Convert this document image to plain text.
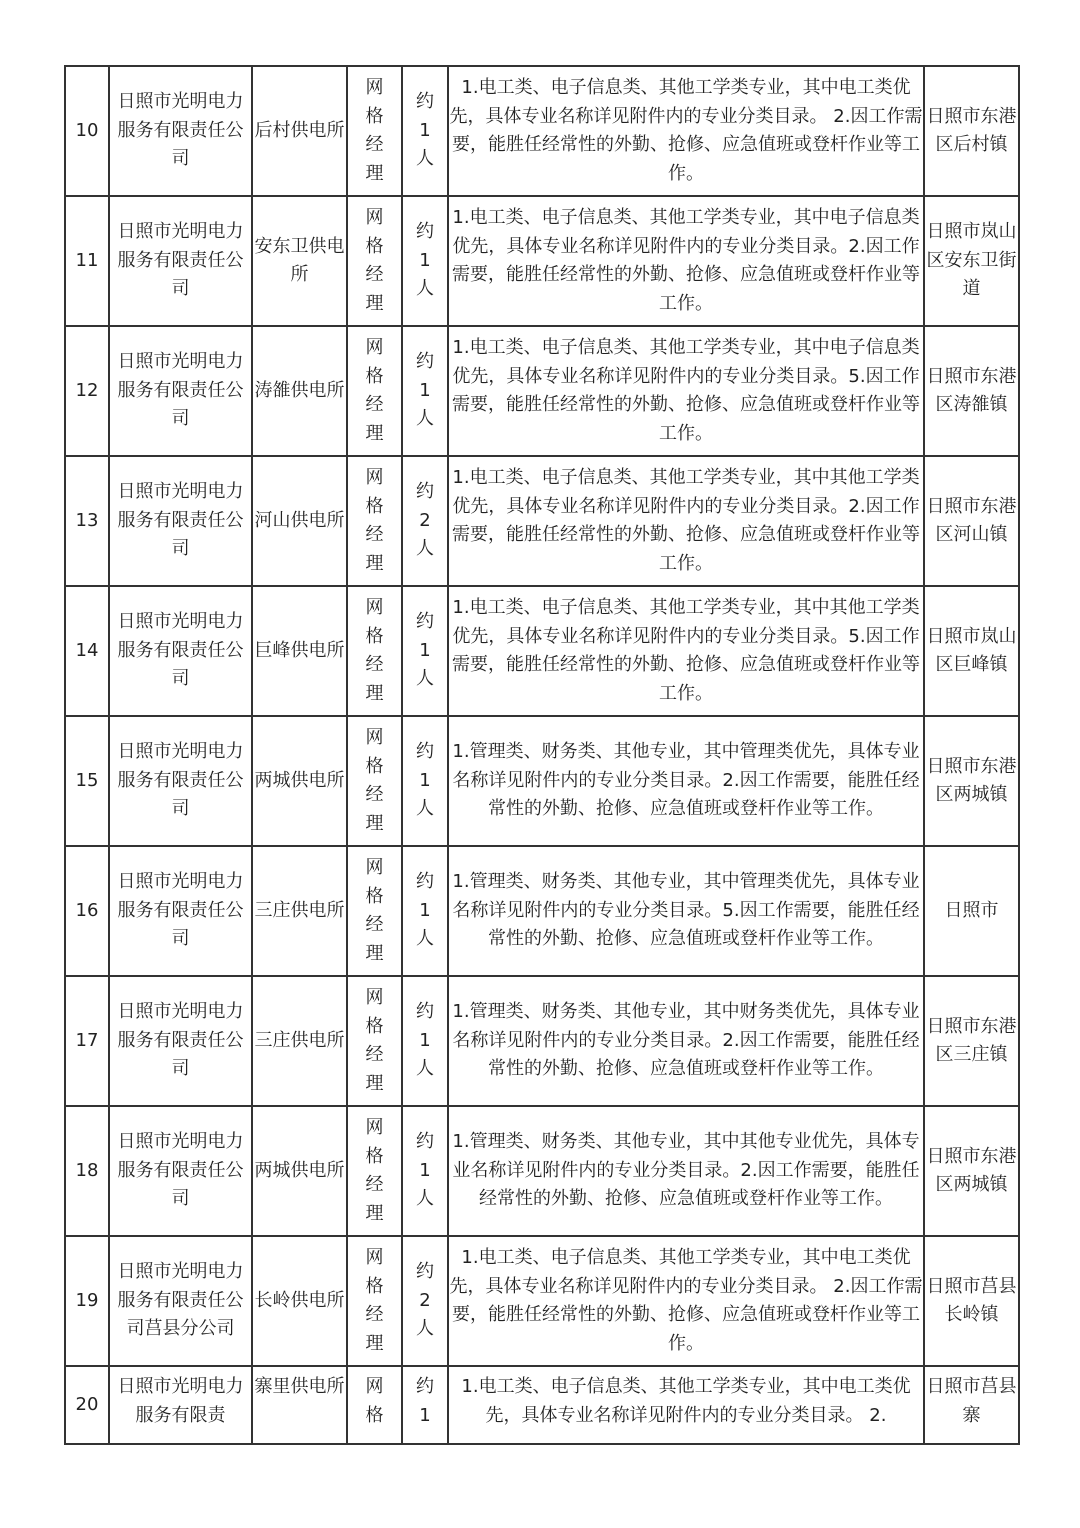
10	日照市光明电力服务有限责任公司	后村供电所	网格经理	约1人	1.电工类、电子信息类、其他工学类专业，其中电工类优先，具体专业名称详见附件内的专业分类目录。 2.因工作需要，能胜任经常性的外勤、抢修、应急值班或登杆作业等工作。	日照市东港区后村镇
11	日照市光明电力服务有限责任公司	安东卫供电所	网格经理	约1人	1.电工类、电子信息类、其他工学类专业，其中电子信息类优先，具体专业名称详见附件内的专业分类目录。2.因工作需要，能胜任经常性的外勤、抢修、应急值班或登杆作业等工作。	日照市岚山区安东卫街道
12	日照市光明电力服务有限责任公司	涛雒供电所	网格经理	约1人	1.电工类、电子信息类、其他工学类专业，其中电子信息类优先，具体专业名称详见附件内的专业分类目录。5.因工作需要，能胜任经常性的外勤、抢修、应急值班或登杆作业等工作。	日照市东港区涛雒镇
13	日照市光明电力服务有限责任公司	河山供电所	网格经理	约2人	1.电工类、电子信息类、其他工学类专业，其中其他工学类优先，具体专业名称详见附件内的专业分类目录。2.因工作需要，能胜任经常性的外勤、抢修、应急值班或登杆作业等工作。	日照市东港区河山镇
14	日照市光明电力服务有限责任公司	巨峰供电所	网格经理	约1人	1.电工类、电子信息类、其他工学类专业，其中其他工学类优先，具体专业名称详见附件内的专业分类目录。5.因工作需要，能胜任经常性的外勤、抢修、应急值班或登杆作业等工作。	日照市岚山区巨峰镇
15	日照市光明电力服务有限责任公司	两城供电所	网格经理	约1人	1.管理类、财务类、其他专业，其中管理类优先，具体专业名称详见附件内的专业分类目录。2.因工作需要，能胜任经常性的外勤、抢修、应急值班或登杆作业等工作。	日照市东港区两城镇
16	日照市光明电力服务有限责任公司	三庄供电所	网格经理	约1人	1.管理类、财务类、其他专业，其中管理类优先，具体专业名称详见附件内的专业分类目录。5.因工作需要，能胜任经常性的外勤、抢修、应急值班或登杆作业等工作。	日照市
17	日照市光明电力服务有限责任公司	三庄供电所	网格经理	约1人	1.管理类、财务类、其他专业，其中财务类优先，具体专业名称详见附件内的专业分类目录。2.因工作需要，能胜任经常性的外勤、抢修、应急值班或登杆作业等工作。	日照市东港区三庄镇
18	日照市光明电力服务有限责任公司	两城供电所	网格经理	约1人	1.管理类、财务类、其他专业，其中其他专业优先，具体专业名称详见附件内的专业分类目录。2.因工作需要，能胜任经常性的外勤、抢修、应急值班或登杆作业等工作。	日照市东港区两城镇
19	日照市光明电力服务有限责任公司莒县分公司	长岭供电所	网格经理	约2人	1.电工类、电子信息类、其他工学类专业，其中电工类优先，具体专业名称详见附件内的专业分类目录。 2.因工作需要，能胜任经常性的外勤、抢修、应急值班或登杆作业等工作。	日照市莒县 长岭镇
20	日照市光明电力服务有限责	寨里供电所	网格	约1	1.电工类、电子信息类、其他工学类专业，其中电工类优先，具体专业名称详见附件内的专业分类目录。 2.	日照市莒县 寨
